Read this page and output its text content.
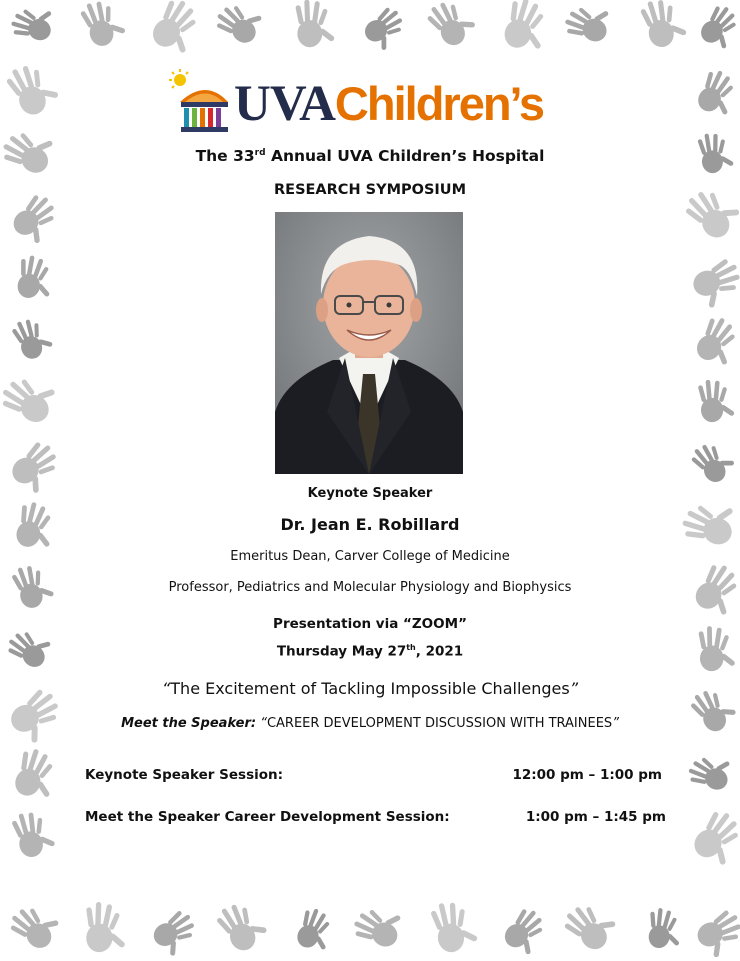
UVAChildren’s
The 33rd Annual UVA Children’s Hospital
RESEARCH SYMPOSIUM
Keynote Speaker
Dr. Jean E. Robillard
Emeritus Dean, Carver College of Medicine
Professor, Pediatrics and Molecular Physiology and Biophysics
Presentation via “ZOOM”
Thursday May 27th, 2021
“The Excitement of Tackling Impossible Challenges”
Meet the Speaker: “CAREER DEVELOPMENT DISCUSSION WITH TRAINEES”
Keynote Speaker Session:	12:00 pm – 1:00 pm
Meet the Speaker Career Development Session:	1:00 pm – 1:45 pm
